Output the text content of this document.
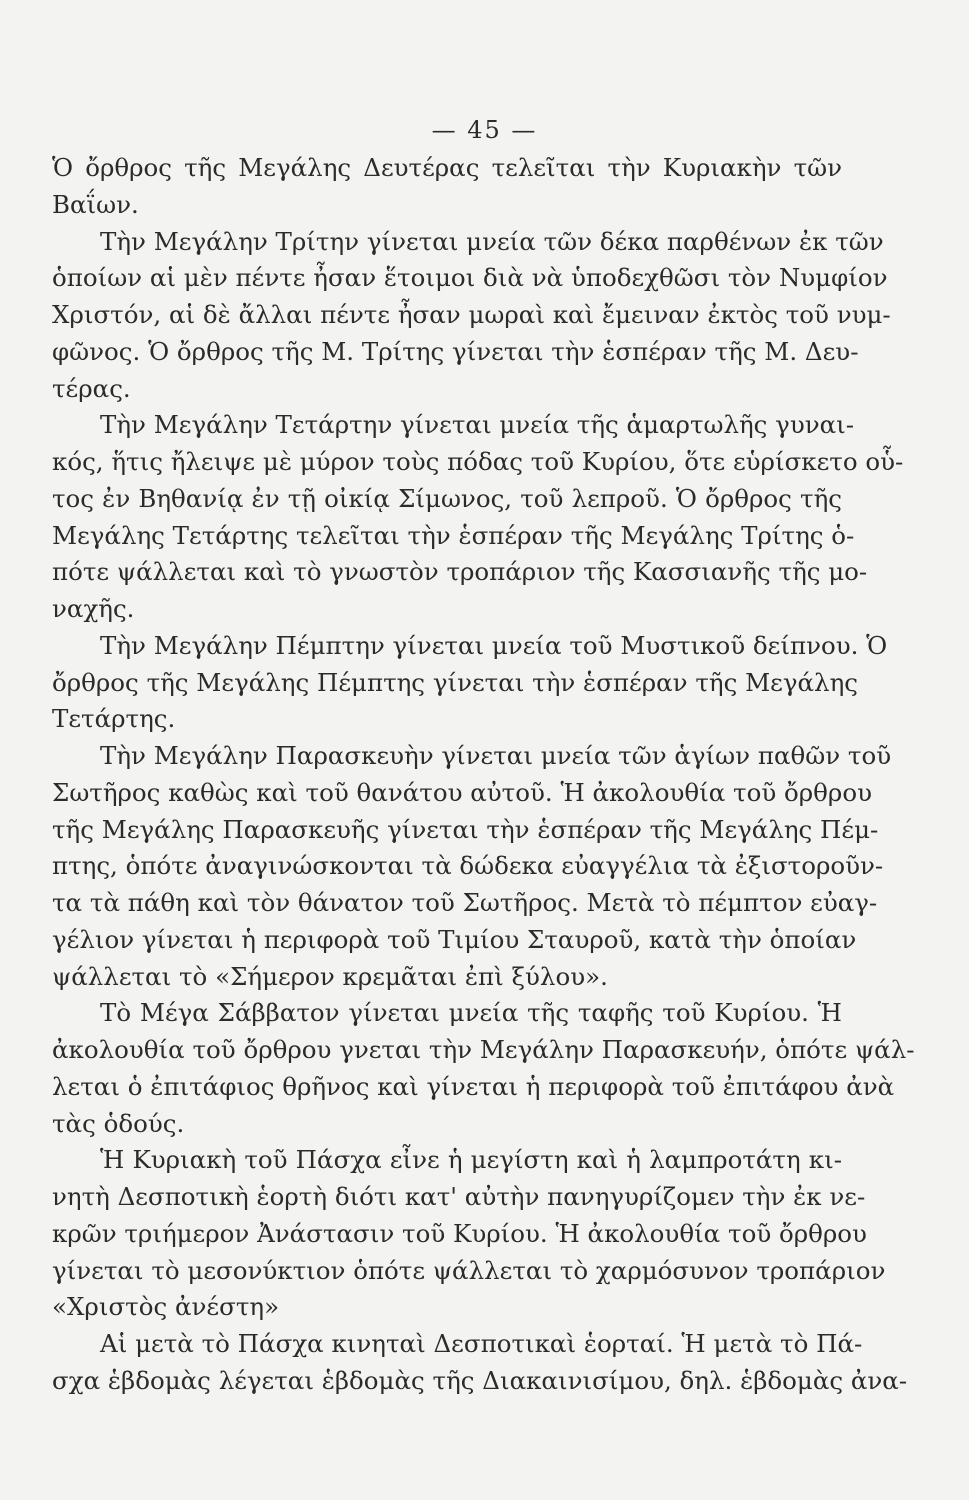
— 45 —
Ὁ ὄρθρος τῆς Μεγάλης Δευτέρας τελεῖται τὴν Κυριακὴν τῶν
Βαΐων.
Τὴν Μεγάλην Τρίτην γίνεται μνεία τῶν δέκα παρθένων ἐκ τῶν
ὁποίων αἱ μὲν πέντε ἦσαν ἕτοιμοι διὰ νὰ ὑποδεχθῶσι τὸν Νυμφίον
Χριστόν, αἱ δὲ ἄλλαι πέντε ἦσαν μωραὶ καὶ ἔμειναν ἐκτὸς τοῦ νυμ-
φῶνος. Ὁ ὄρθρος τῆς Μ. Τρίτης γίνεται τὴν ἑσπέραν τῆς Μ. Δευ-
τέρας.
Τὴν Μεγάλην Τετάρτην γίνεται μνεία τῆς ἁμαρτωλῆς γυναι-
κός, ἥτις ἤλειψε μὲ μύρον τοὺς πόδας τοῦ Κυρίου, ὅτε εὑρίσκετο οὗ-
τος ἐν Βηθανίᾳ ἐν τῇ οἰκίᾳ Σίμωνος, τοῦ λεπροῦ. Ὁ ὄρθρος τῆς
Μεγάλης Τετάρτης τελεῖται τὴν ἑσπέραν τῆς Μεγάλης Τρίτης ὁ-
πότε ψάλλεται καὶ τὸ γνωστὸν τροπάριον τῆς Κασσιανῆς τῆς μο-
ναχῆς.
Τὴν Μεγάλην Πέμπτην γίνεται μνεία τοῦ Μυστικοῦ δείπνου. Ὁ
ὄρθρος τῆς Μεγάλης Πέμπτης γίνεται τὴν ἑσπέραν τῆς Μεγάλης
Τετάρτης.
Τὴν Μεγάλην Παρασκευὴν γίνεται μνεία τῶν ἁγίων παθῶν τοῦ
Σωτῆρος καθὼς καὶ τοῦ θανάτου αὐτοῦ. Ἡ ἀκολουθία τοῦ ὄρθρου
τῆς Μεγάλης Παρασκευῆς γίνεται τὴν ἑσπέραν τῆς Μεγάλης Πέμ-
πτης, ὁπότε ἀναγινώσκονται τὰ δώδεκα εὐαγγέλια τὰ ἐξιστοροῦν-
τα τὰ πάθη καὶ τὸν θάνατον τοῦ Σωτῆρος. Μετὰ τὸ πέμπτον εὐαγ-
γέλιον γίνεται ἡ περιφορὰ τοῦ Τιμίου Σταυροῦ, κατὰ τὴν ὁποίαν
ψάλλεται τὸ «Σήμερον κρεμᾶται ἐπὶ ξύλου».
Τὸ Μέγα Σάββατον γίνεται μνεία τῆς ταφῆς τοῦ Κυρίου. Ἡ
ἀκολουθία τοῦ ὄρθρου γνεται τὴν Μεγάλην Παρασκευήν, ὁπότε ψάλ-
λεται ὁ ἐπιτάφιος θρῆνος καὶ γίνεται ἡ περιφορὰ τοῦ ἐπιτάφου ἀνὰ
τὰς ὁδούς.
Ἡ Κυριακὴ τοῦ Πάσχα εἶνε ἡ μεγίστη καὶ ἡ λαμπροτάτη κι-
νητὴ Δεσποτικὴ ἑορτὴ διότι κατ' αὐτὴν πανηγυρίζομεν τὴν ἐκ νε-
κρῶν τριήμερον Ἀνάστασιν τοῦ Κυρίου. Ἡ ἀκολουθία τοῦ ὄρθρου
γίνεται τὸ μεσονύκτιον ὁπότε ψάλλεται τὸ χαρμόσυνον τροπάριον
«Χριστὸς ἀνέστη»
Αἱ μετὰ τὸ Πάσχα κινηταὶ Δεσποτικαὶ ἑορταί. Ἡ μετὰ τὸ Πά-
σχα ἑβδομὰς λέγεται ἑβδομὰς τῆς Διακαινισίμου, δηλ. ἑβδομὰς ἀνα-
